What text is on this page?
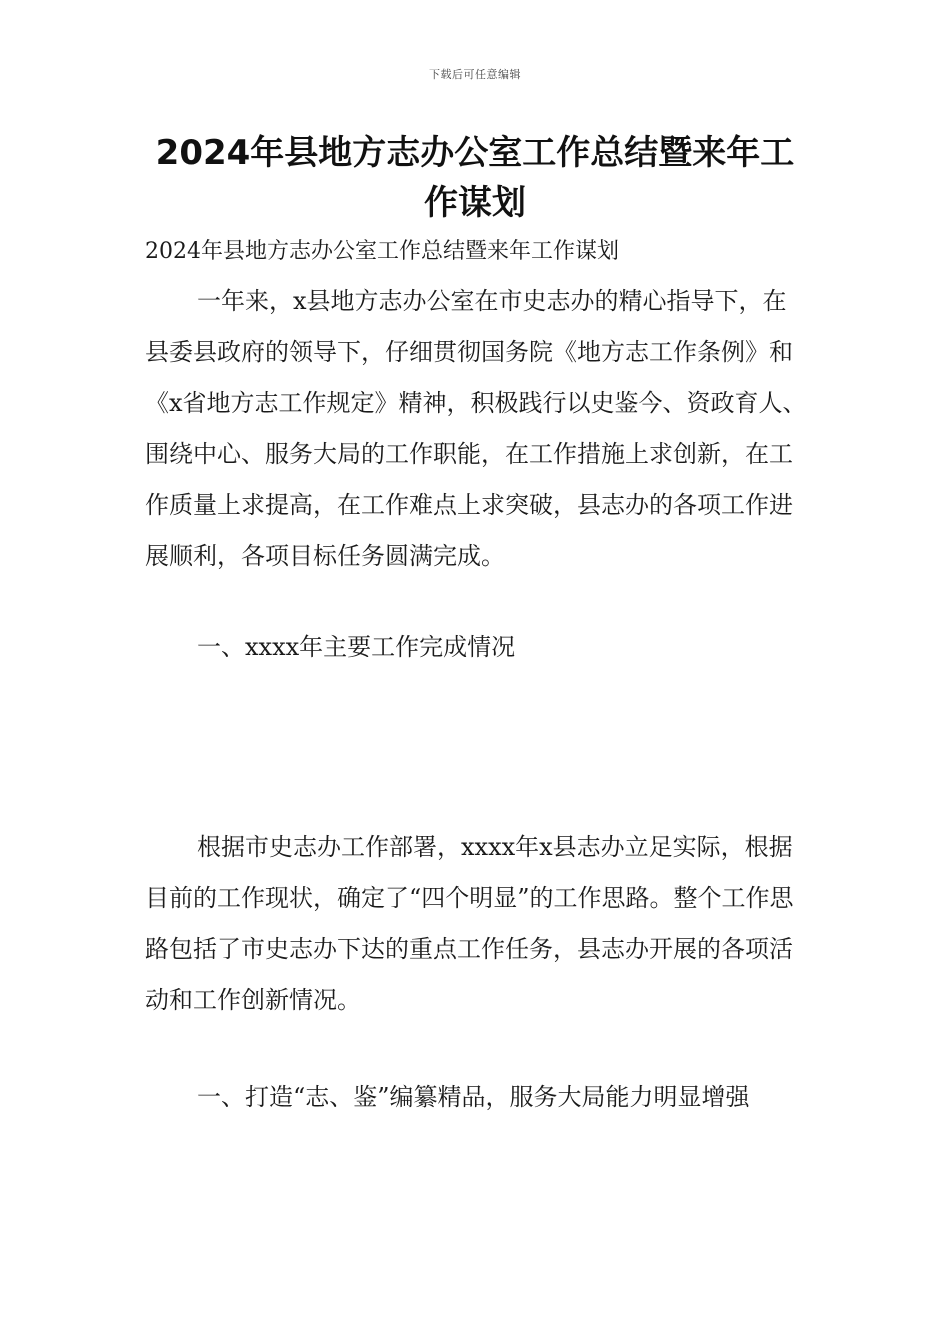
下载后可任意编辑
2024年县地方志办公室工作总结暨来年工作谋划

2024年县地方志办公室工作总结暨来年工作谋划

一年来，x县地方志办公室在市史志办的精心指导下，在县委县政府的领导下，仔细贯彻国务院《地方志工作条例》和《x省地方志工作规定》精神，积极践行以史鉴今、资政育人、围绕中心、服务大局的工作职能，在工作措施上求创新，在工作质量上求提高，在工作难点上求突破，县志办的各项工作进展顺利，各项目标任务圆满完成。

一、xxxx年主要工作完成情况

根据市史志办工作部署，xxxx年x县志办立足实际，根据目前的工作现状，确定了“四个明显”的工作思路。整个工作思路包括了市史志办下达的重点工作任务，县志办开展的各项活动和工作创新情况。

一、打造“志、鉴”编纂精品，服务大局能力明显增强
